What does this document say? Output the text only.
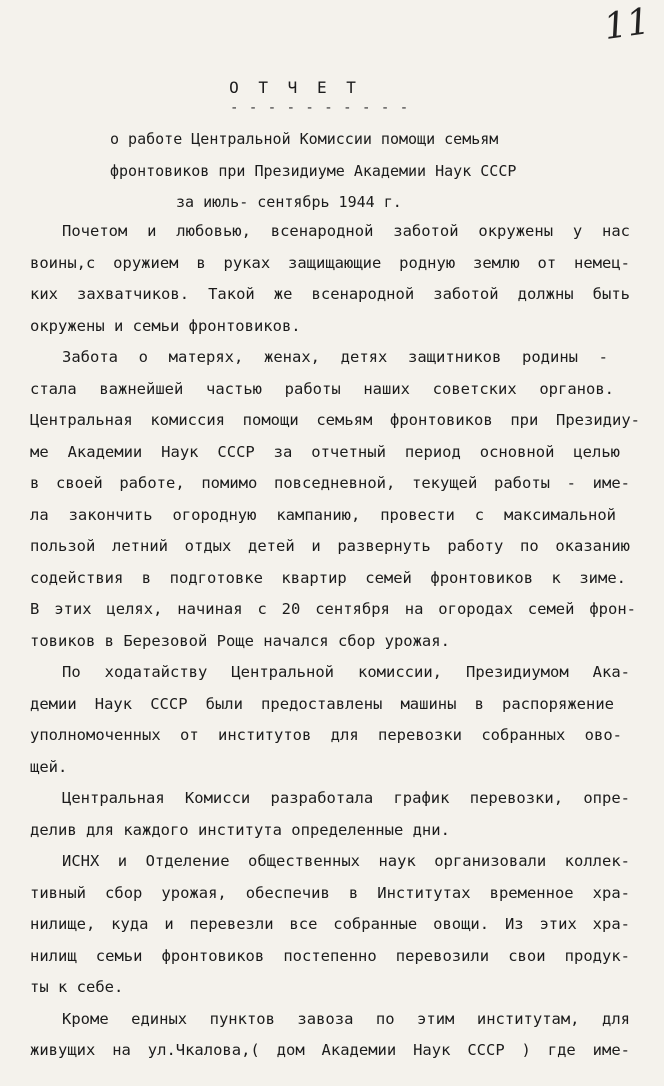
11
О Т Ч Е Т
- - - - - - - - - -
о работе Центральной Комиссии помощи семьям
фронтовиков при Президиуме Академии Наук СССР
за июль- сентябрь 1944 г.
Почетом и любовью, всенародной заботой окружены у нас
воины,с оружием в руках защищающие родную землю от немец-
ких захватчиков. Такой же всенародной заботой должны быть
окружены и семьи фронтовиков.
Забота о матерях, женах, детях защитников родины -
стала важнейшей частью работы наших советских органов.
Центральная комиссия помощи семьям фронтовиков при Президиу-
ме Академии Наук СССР за отчетный период основной целью
в своей работе, помимо повседневной, текущей работы - име-
ла закончить огородную кампанию, провести с максимальной
пользой летний отдых детей и развернуть работу по оказанию
содействия в подготовке квартир семей фронтовиков к зиме.
В этих целях, начиная с 20 сентября на огородах семей фрон-
товиков в Березовой Роще начался сбор урожая.
По ходатайству Центральной комиссии, Президиумом Ака-
демии Наук СССР были предоставлены машины в распоряжение
уполномоченных от институтов для перевозки собранных ово-
щей.
Центральная Комисси разработала график перевозки, опре-
делив для каждого института определенные дни.
ИСНХ и Отделение общественных наук организовали коллек-
тивный сбор урожая, обеспечив в Институтах временное хра-
нилище, куда и перевезли все собранные овощи. Из этих хра-
нилищ семьи фронтовиков постепенно перевозили свои продук-
ты к себе.
Кроме единых пунктов завоза по этим институтам, для
живущих на ул.Чкалова,( дом Академии Наук СССР ) где име-
